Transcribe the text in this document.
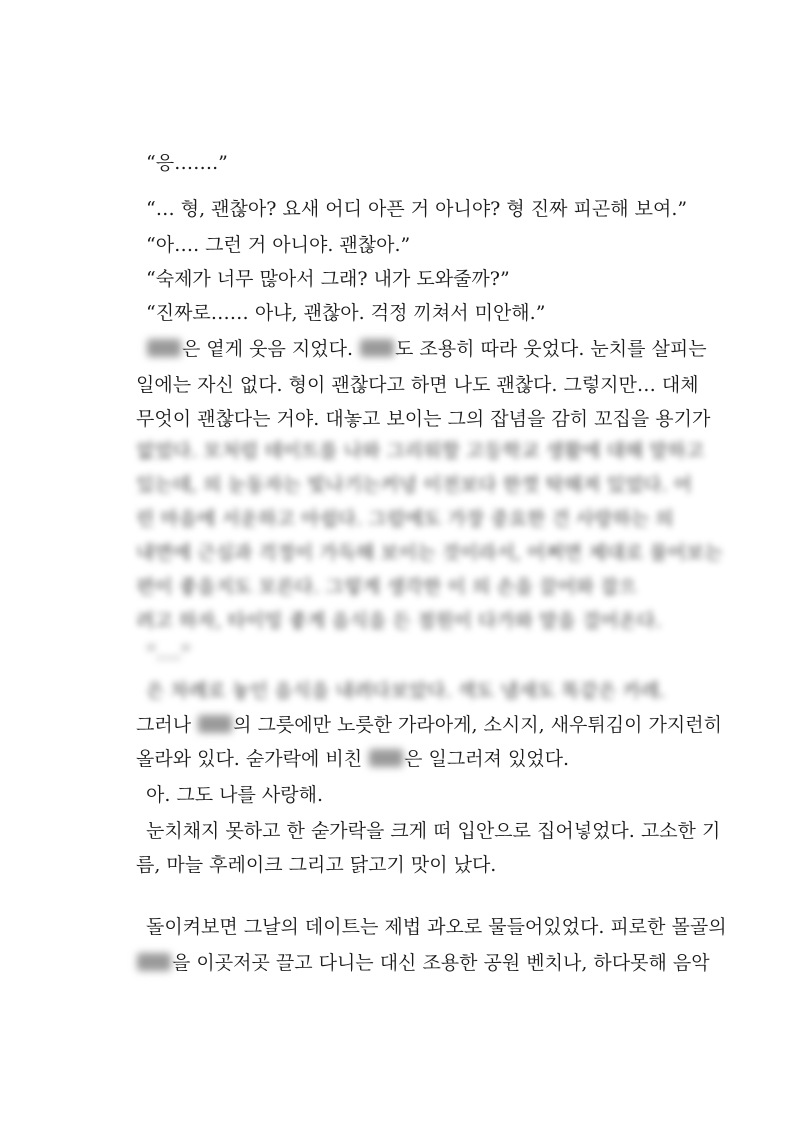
“응…….”
“… 형, 괜찮아? 요새 어디 아픈 거 아니야? 형 진짜 피곤해 보여.”
“아…. 그런 거 아니야. 괜찮아.”
“숙제가 너무 많아서 그래? 내가 도와줄까?”
“진짜로…… 아냐, 괜찮아. 걱정 끼쳐서 미안해.”
은 옅게 웃음 지었다. 도 조용히 따라 웃었다. 눈치를 살피는
일에는 자신 없다. 형이 괜찮다고 하면 나도 괜찮다. 그렇지만… 대체
무엇이 괜찮다는 거야. 대놓고 보이는 그의 잡념을 감히 꼬집을 용기가
없었다. 모처럼 데이트를 나와 그리워할 고등학교 생활에 대해 말하고
있는데, 의 눈동자는 빛나기는커녕 이전보다 한껏 탁해져 있었다. 어
린 마음에 서운하고 아쉽다. 그럼에도 가장 중요한 건 사랑하는 의
내면에 근심과 걱정이 가득해 보이는 것이라서, 어쩌면 제대로 물어보는
편이 좋을지도 모른다. 그렇게 생각한 이 의 손을 끌어와 잡으
려고 하자, 타이밍 좋게 음식을 든 점원이 다가와 말을 걸어온다.
“….”
은 차례로 놓인 음식을 내려다보았다. 색도 냄새도 똑같은 카레.
그러나 의 그릇에만 노릇한 가라아게, 소시지, 새우튀김이 가지런히
올라와 있다. 숟가락에 비친 은 일그러져 있었다.
아. 그도 나를 사랑해.
눈치채지 못하고 한 숟가락을 크게 떠 입안으로 집어넣었다. 고소한 기
름, 마늘 후레이크 그리고 닭고기 맛이 났다.
돌이켜보면 그날의 데이트는 제법 과오로 물들어있었다. 피로한 몰골의
을 이곳저곳 끌고 다니는 대신 조용한 공원 벤치나, 하다못해 음악
